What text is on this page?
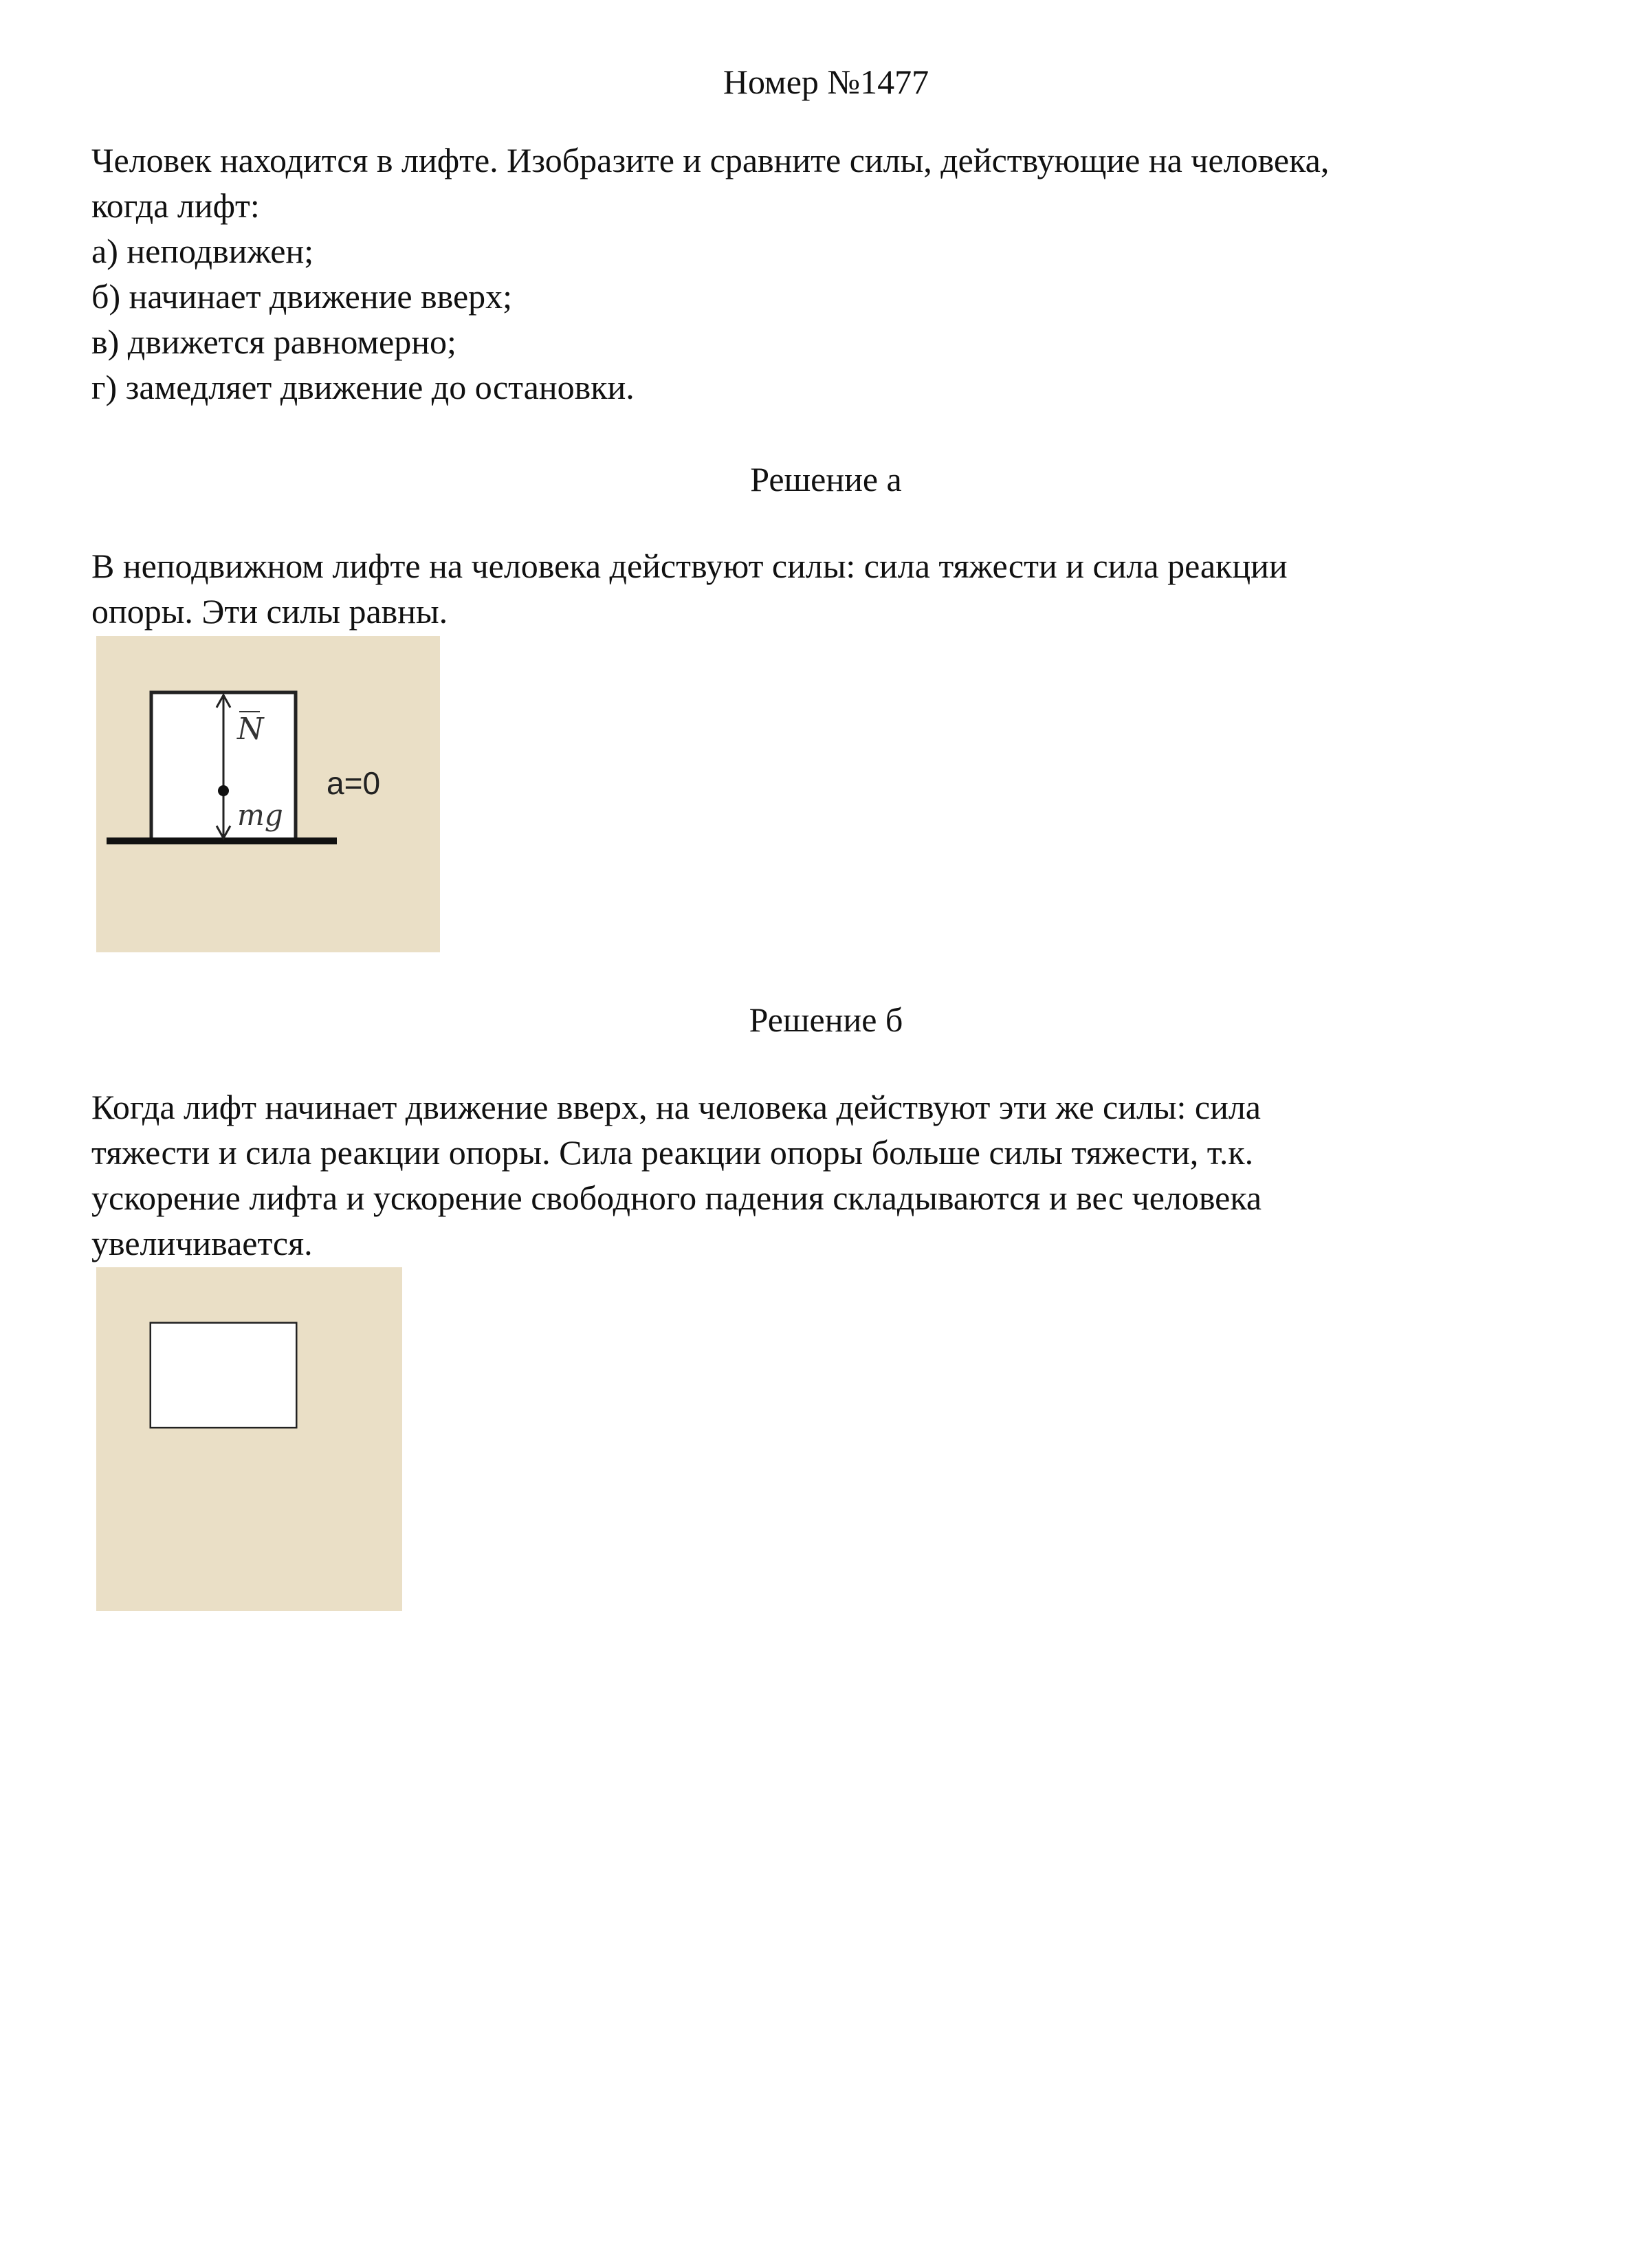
Номер №1477
Человек находится в лифте. Изобразите и сравните силы, действующие на человека,
когда лифт:
а) неподвижен;
б) начинает движение вверх;
в) движется равномерно;
г) замедляет движение до остановки.
Решение а
В неподвижном лифте на человека действуют силы: сила тяжести и сила реакции
опоры. Эти силы равны.
N
mg
a=0
Решение б
Когда лифт начинает движение вверх, на человека действуют эти же силы: сила
тяжести и сила реакции опоры. Сила реакции опоры больше силы тяжести, т.к.
ускорение лифта и ускорение свободного падения складываются и вес человека
увеличивается.
